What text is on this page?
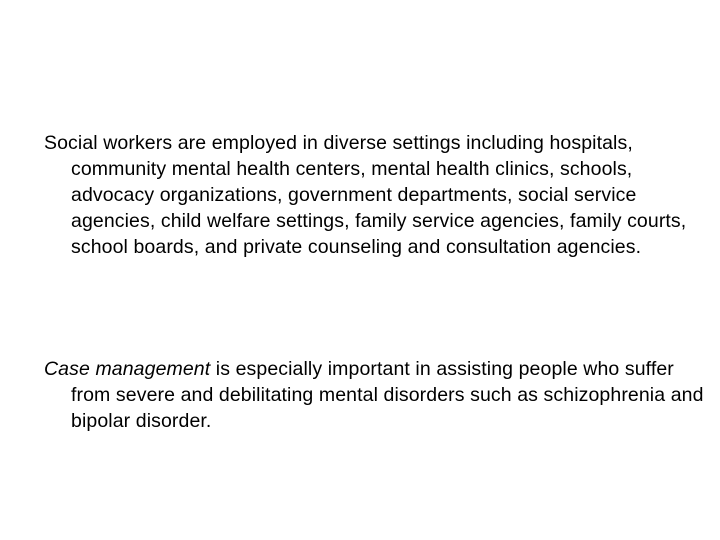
Social workers are employed in diverse settings including hospitals, community mental health centers, mental health clinics, schools, advocacy organizations, government departments, social service agencies, child welfare settings, family service agencies, family courts, school boards, and private counseling and consultation agencies.

Case management is especially important in assisting people who suffer from severe and debilitating mental disorders such as schizophrenia and bipolar disorder.
